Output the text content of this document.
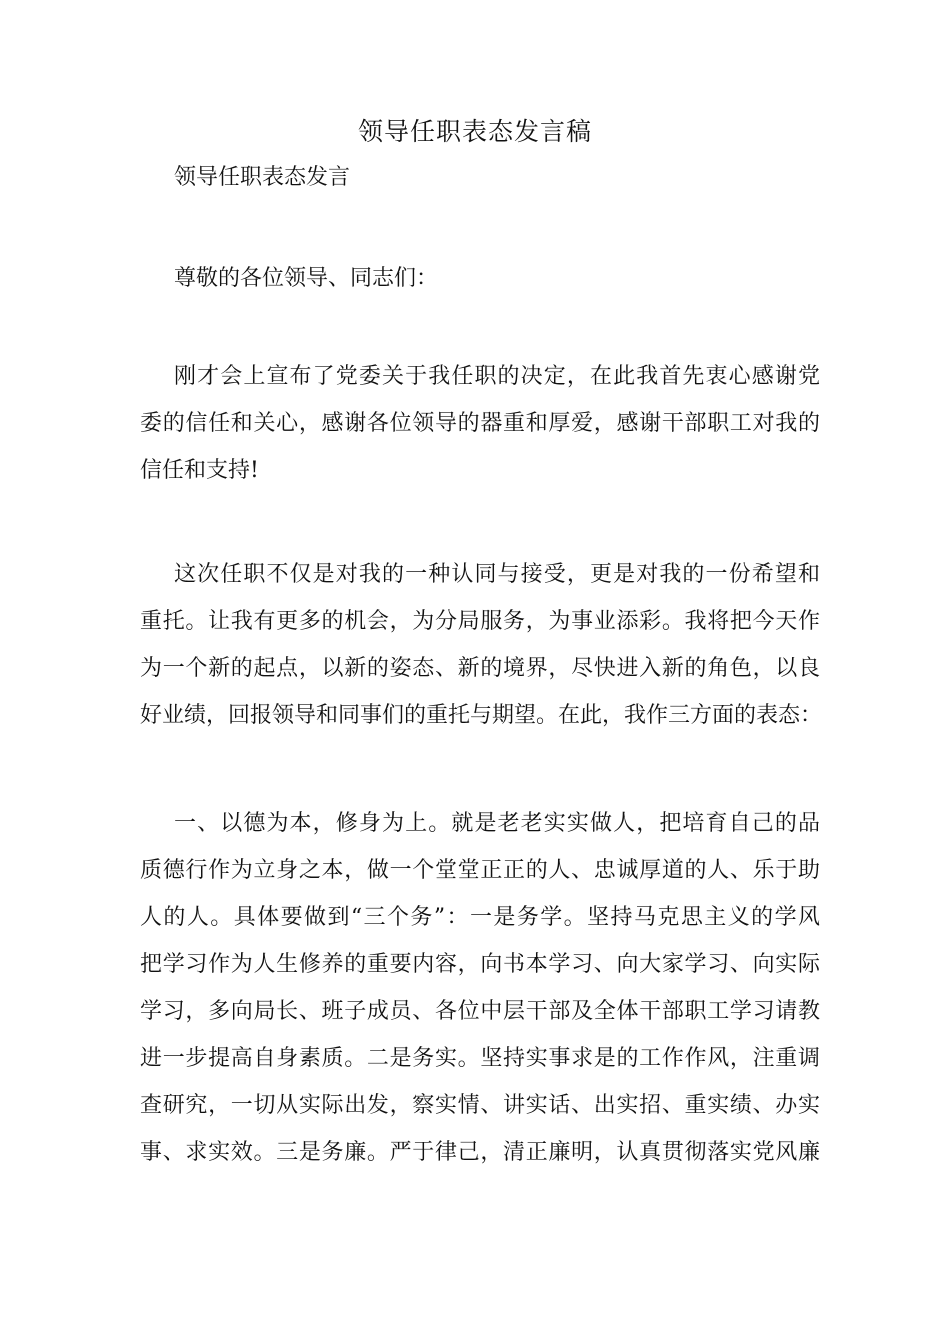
领导任职表态发言稿
领导任职表态发言
尊敬的各位领导、同志们：
刚才会上宣布了党委关于我任职的决定，在此我首先衷心感谢党
委的信任和关心，感谢各位领导的器重和厚爱，感谢干部职工对我的
信任和支持!
这次任职不仅是对我的一种认同与接受，更是对我的一份希望和
重托。让我有更多的机会，为分局服务，为事业添彩。我将把今天作
为一个新的起点，以新的姿态、新的境界，尽快进入新的角色，以良
好业绩，回报领导和同事们的重托与期望。在此，我作三方面的表态：
一、以德为本，修身为上。就是老老实实做人，把培育自己的品
质德行作为立身之本，做一个堂堂正正的人、忠诚厚道的人、乐于助
人的人。具体要做到“三个务”：一是务学。坚持马克思主义的学风
把学习作为人生修养的重要内容，向书本学习、向大家学习、向实际
学习，多向局长、班子成员、各位中层干部及全体干部职工学习请教
进一步提高自身素质。二是务实。坚持实事求是的工作作风，注重调
查研究，一切从实际出发，察实情、讲实话、出实招、重实绩、办实
事、求实效。三是务廉。严于律己，清正廉明，认真贯彻落实党风廉
